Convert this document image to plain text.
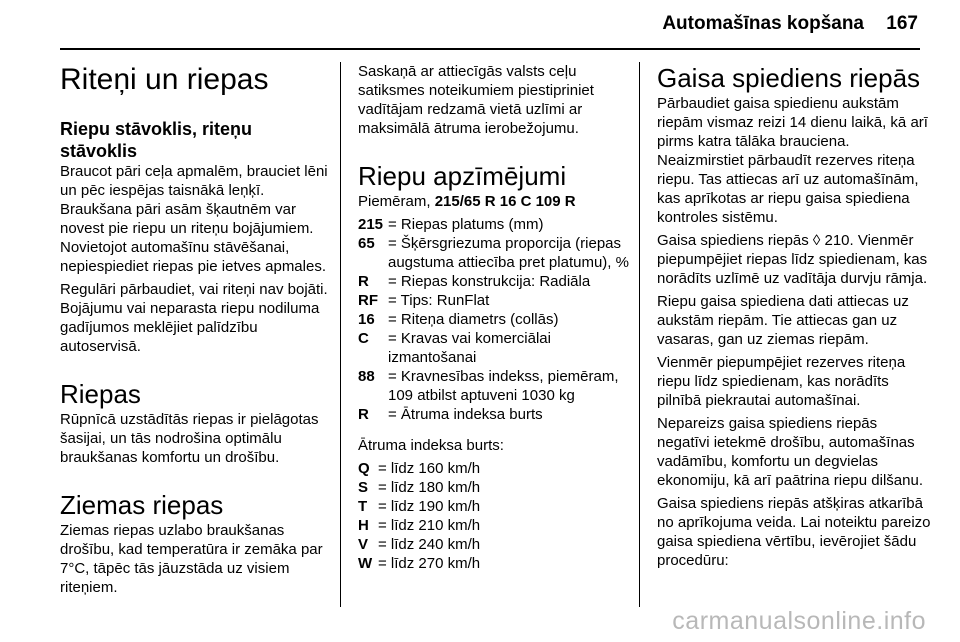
Automašīnas kopšana 167
Riteņi un riepas
Riepu stāvoklis, riteņu stāvoklis

Braucot pāri ceļa apmalēm, brauciet lēni un pēc iespējas taisnākā leņķī. Braukšana pāri asām šķautnēm var novest pie riepu un riteņu bojājumiem. Novietojot automašīnu stāvēšanai, nepiespiediet riepas pie ietves apmales.

Regulāri pārbaudiet, vai riteņi nav bojāti. Bojājumu vai neparasta riepu nodiluma gadījumos meklējiet palīdzību autoservisā.

Riepas

Rūpnīcā uzstādītās riepas ir pielāgotas šasijai, un tās nodrošina optimālu braukšanas komfortu un drošību.

Ziemas riepas

Ziemas riepas uzlabo braukšanas drošību, kad temperatūra ir zemāka par 7°C, tāpēc tās jāuzstāda uz visiem riteņiem.

Saskaņā ar attiecīgās valsts ceļu satiksmes noteikumiem piestipriniet vadītājam redzamā vietā uzlīmi ar maksimālā ātruma ierobežojumu.

Riepu apzīmējumi

Piemēram, 215/65 R 16 C 109 R

215 = Riepas platums (mm)
65 = Šķērsgriezuma proporcija (riepas augstuma attiecība pret platumu), %
R	= Riepas konstrukcija: Radiāla
RF = Tips: RunFlat
16 = Riteņa diametrs (collās)
C	= Kravas vai komerciālai izmantošanai
88 = Kravnesības indekss, piemēram, 109 atbilst aptuveni 1030 kg
R	= Ātruma indeksa burts

Ātruma indeksa burts:

Q = līdz 160 km/h
S = līdz 180 km/h
T = līdz 190 km/h
H = līdz 210 km/h
V = līdz 240 km/h
W = līdz 270 km/h
Gaisa spiediens riepās

Pārbaudiet gaisa spiedienu aukstām riepām vismaz reizi 14 dienu laikā, kā arī pirms katra tālāka brauciena. Neaizmirstiet pārbaudīt rezerves riteņa riepu. Tas attiecas arī uz automašīnām, kas aprīkotas ar riepu gaisa spiediena kontroles sistēmu.

Gaisa spiediens riepās ◊ 210. Vienmēr piepumpējiet riepas līdz spiedienam, kas norādīts uzlīmē uz vadītāja durvju rāmja.

Riepu gaisa spiediena dati attiecas uz aukstām riepām. Tie attiecas gan uz vasaras, gan uz ziemas riepām.

Vienmēr piepumpējiet rezerves riteņa riepu līdz spiedienam, kas norādīts pilnībā piekrautai automašīnai.

Nepareizs gaisa spiediens riepās negatīvi ietekmē drošību, automašīnas vadāmību, komfortu un degvielas ekonomiju, kā arī paātrina riepu dilšanu.

Gaisa spiediens riepās atšķiras atkarībā no aprīkojuma veida. Lai noteiktu pareizo gaisa spiediena vērtību, ievērojiet šādu procedūru:

carmanualsonline.info
